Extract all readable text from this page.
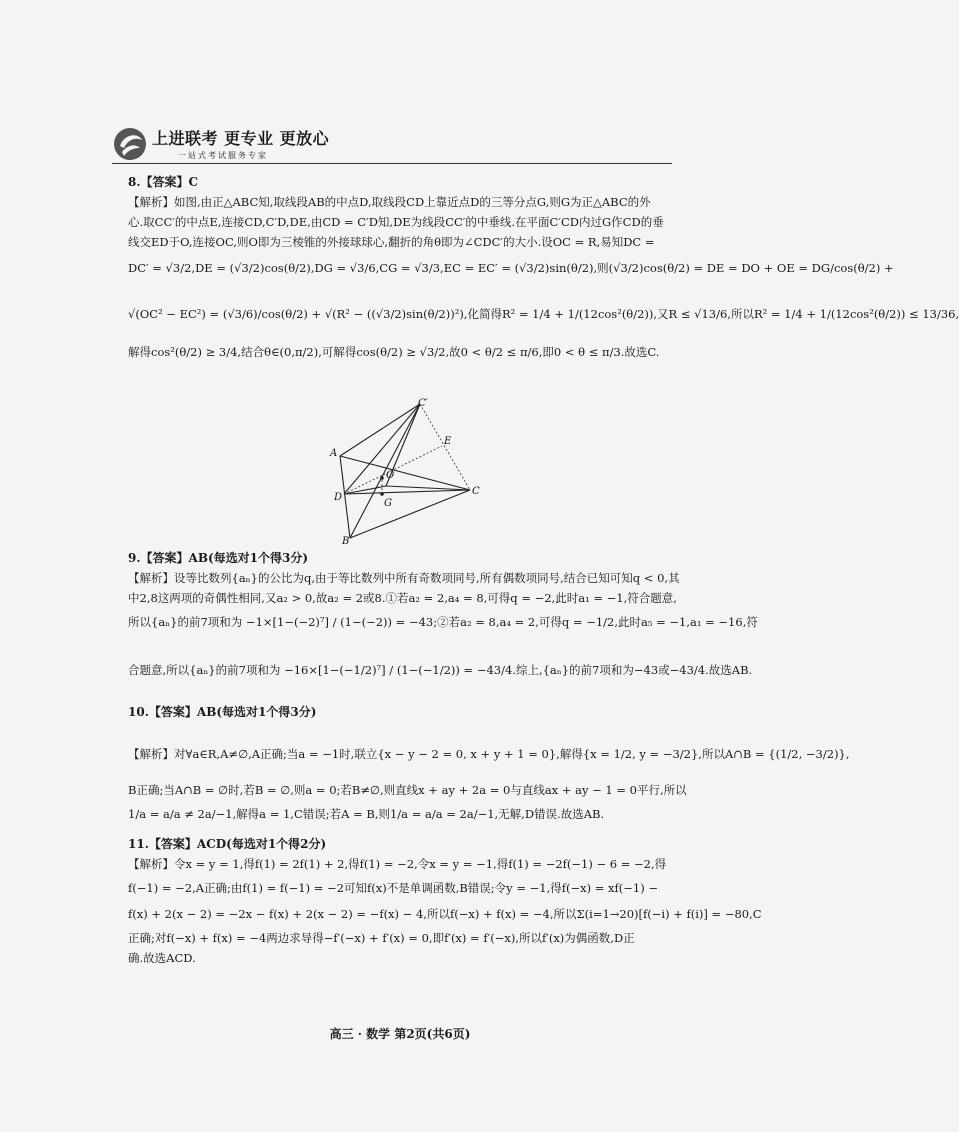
上进联考 更专业 更放心
一站式考试服务专家
8.【答案】C
【解析】如图,由正△ABC知,取线段AB的中点D,取线段CD上靠近点D的三等分点G,则G为正△ABC的外
心.取CC′的中点E,连接CD,C′D,DE,由CD = C′D知,DE为线段CC′的中垂线.在平面C′CD内过G作CD的垂
线交ED于O,连接OC,则O即为三棱锥的外接球球心,翻折的角θ即为∠CDC′的大小.设OC = R,易知DC =
DC′ = √3/2,DE = (√3/2)cos(θ/2),DG = √3/6,CG = √3/3,EC = EC′ = (√3/2)sin(θ/2),则(√3/2)cos(θ/2) = DE = DO + OE = DG/cos(θ/2) +
√(OC² − EC²) = (√3/6)/cos(θ/2) + √(R² − ((√3/2)sin(θ/2))²),化简得R² = 1/4 + 1/(12cos²(θ/2)),又R ≤ √13/6,所以R² = 1/4 + 1/(12cos²(θ/2)) ≤ 13/36,
解得cos²(θ/2) ≥ 3/4,结合θ∈(0,π/2),可解得cos(θ/2) ≥ √3/2,故0 < θ/2 ≤ π/6,即0 < θ ≤ π/3.故选C.
C′
A
E
O
D
G
C
B
9.【答案】AB(每选对1个得3分)
【解析】设等比数列{aₙ}的公比为q,由于等比数列中所有奇数项同号,所有偶数项同号,结合已知可知q < 0,其
中2,8这两项的奇偶性相同,又a₂ > 0,故a₂ = 2或8.①若a₂ = 2,a₄ = 8,可得q = −2,此时a₁ = −1,符合题意,
所以{aₙ}的前7项和为 −1×[1−(−2)⁷] / (1−(−2)) = −43;②若a₂ = 8,a₄ = 2,可得q = −1/2,此时a₅ = −1,a₁ = −16,符
合题意,所以{aₙ}的前7项和为 −16×[1−(−1/2)⁷] / (1−(−1/2)) = −43/4.综上,{aₙ}的前7项和为−43或−43/4.故选AB.
10.【答案】AB(每选对1个得3分)
【解析】对∀a∈R,A≠∅,A正确;当a = −1时,联立{x − y − 2 = 0, x + y + 1 = 0},解得{x = 1/2, y = −3/2},所以A∩B = {(1/2, −3/2)},
B正确;当A∩B = ∅时,若B = ∅,则a = 0;若B≠∅,则直线x + ay + 2a = 0与直线ax + ay − 1 = 0平行,所以
1/a = a/a ≠ 2a/−1,解得a = 1,C错误;若A = B,则1/a = a/a = 2a/−1,无解,D错误.故选AB.
11.【答案】ACD(每选对1个得2分)
【解析】令x = y = 1,得f(1) = 2f(1) + 2,得f(1) = −2,令x = y = −1,得f(1) = −2f(−1) − 6 = −2,得
f(−1) = −2,A正确;由f(1) = f(−1) = −2可知f(x)不是单调函数,B错误;令y = −1,得f(−x) = xf(−1) −
f(x) + 2(x − 2) = −2x − f(x) + 2(x − 2) = −f(x) − 4,所以f(−x) + f(x) = −4,所以Σ(i=1→20)[f(−i) + f(i)] = −80,C
正确;对f(−x) + f(x) = −4两边求导得−f′(−x) + f′(x) = 0,即f′(x) = f′(−x),所以f′(x)为偶函数,D正
确.故选ACD.
高三 · 数学 第2页(共6页)
